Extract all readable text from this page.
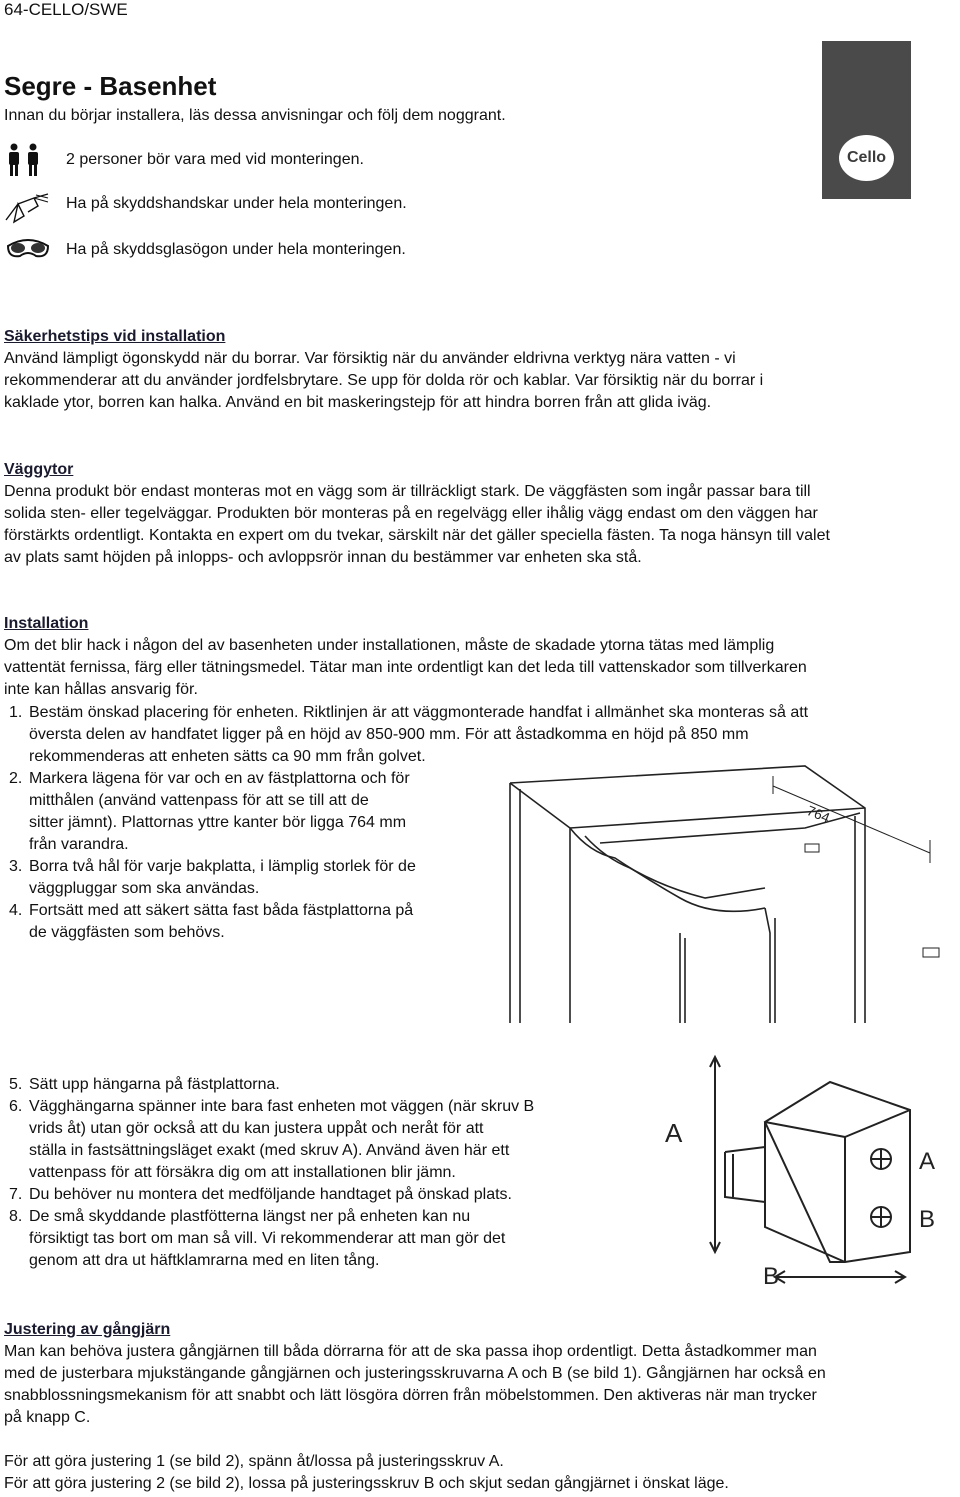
64-CELLO/SWE
Cello
Segre - Basenhet
Innan du börjar installera, läs dessa anvisningar och följ dem noggrant.
2 personer bör vara med vid monteringen.
Ha på skyddshandskar under hela monteringen.
Ha på skyddsglasögon under hela monteringen.
Säkerhetstips vid installation
Använd lämpligt ögonskydd när du borrar. Var försiktig när du använder eldrivna verktyg nära vatten - vi
rekommenderar att du använder jordfelsbrytare. Se upp för dolda rör och kablar. Var försiktig när du borrar i
kaklade ytor, borren kan halka. Använd en bit maskeringstejp för att hindra borren från att glida iväg.
Väggytor
Denna produkt bör endast monteras mot en vägg som är tillräckligt stark. De väggfästen som ingår passar bara till
solida sten- eller tegelväggar. Produkten bör monteras på en regelvägg eller ihålig vägg endast om den väggen har
förstärkts ordentligt. Kontakta en expert om du tvekar, särskilt när det gäller speciella fästen. Ta noga hänsyn till valet
av plats samt höjden på inlopps- och avloppsrör innan du bestämmer var enheten ska stå.
Installation
Om det blir hack i någon del av basenheten under installationen, måste de skadade ytorna tätas med lämplig
vattentät fernissa, färg eller tätningsmedel. Tätar man inte ordentligt kan det leda till vattenskador som tillverkaren
inte kan hållas ansvarig för.
1. Bestäm önskad placering för enheten. Riktlinjen är att väggmonterade handfat i allmänhet ska monteras så att
översta delen av handfatet ligger på en höjd av 850-900 mm. För att åstadkomma en höjd på 850 mm
rekommenderas att enheten sätts ca 90 mm från golvet.
2. Markera lägena för var och en av fästplattorna och för
mitthålen (använd vattenpass för att se till att de
sitter jämnt). Plattornas yttre kanter bör ligga 764 mm
från varandra.
3. Borra två hål för varje bakplatta, i lämplig storlek för de
väggpluggar som ska användas.
4. Fortsätt med att säkert sätta fast båda fästplattorna på
de väggfästen som behövs.
764
5. Sätt upp hängarna på fästplattorna.
6. Vägghängarna spänner inte bara fast enheten mot väggen (när skruv B
vrids åt) utan gör också att du kan justera uppåt och neråt för att
ställa in fastsättningsläget exakt (med skruv A). Använd även här ett
vattenpass för att försäkra dig om att installationen blir jämn.
7. Du behöver nu montera det medföljande handtaget på önskad plats.
8. De små skyddande plastfötterna längst ner på enheten kan nu
försiktigt tas bort om man så vill. Vi rekommenderar att man gör det
genom att dra ut häftklamrarna med en liten tång.
A
A
B
B
Justering av gångjärn
Man kan behöva justera gångjärnen till båda dörrarna för att de ska passa ihop ordentligt. Detta åstadkommer man
med de justerbara mjukstängande gångjärnen och justeringsskruvarna A och B (se bild 1). Gångjärnen har också en
snabblossningsmekanism för att snabbt och lätt lösgöra dörren från möbelstommen. Den aktiveras när man trycker
på knapp C.
För att göra justering 1 (se bild 2), spänn åt/lossa på justeringsskruv A.
För att göra justering 2 (se bild 2), lossa på justeringsskruv B och skjut sedan gångjärnet i önskat läge.
